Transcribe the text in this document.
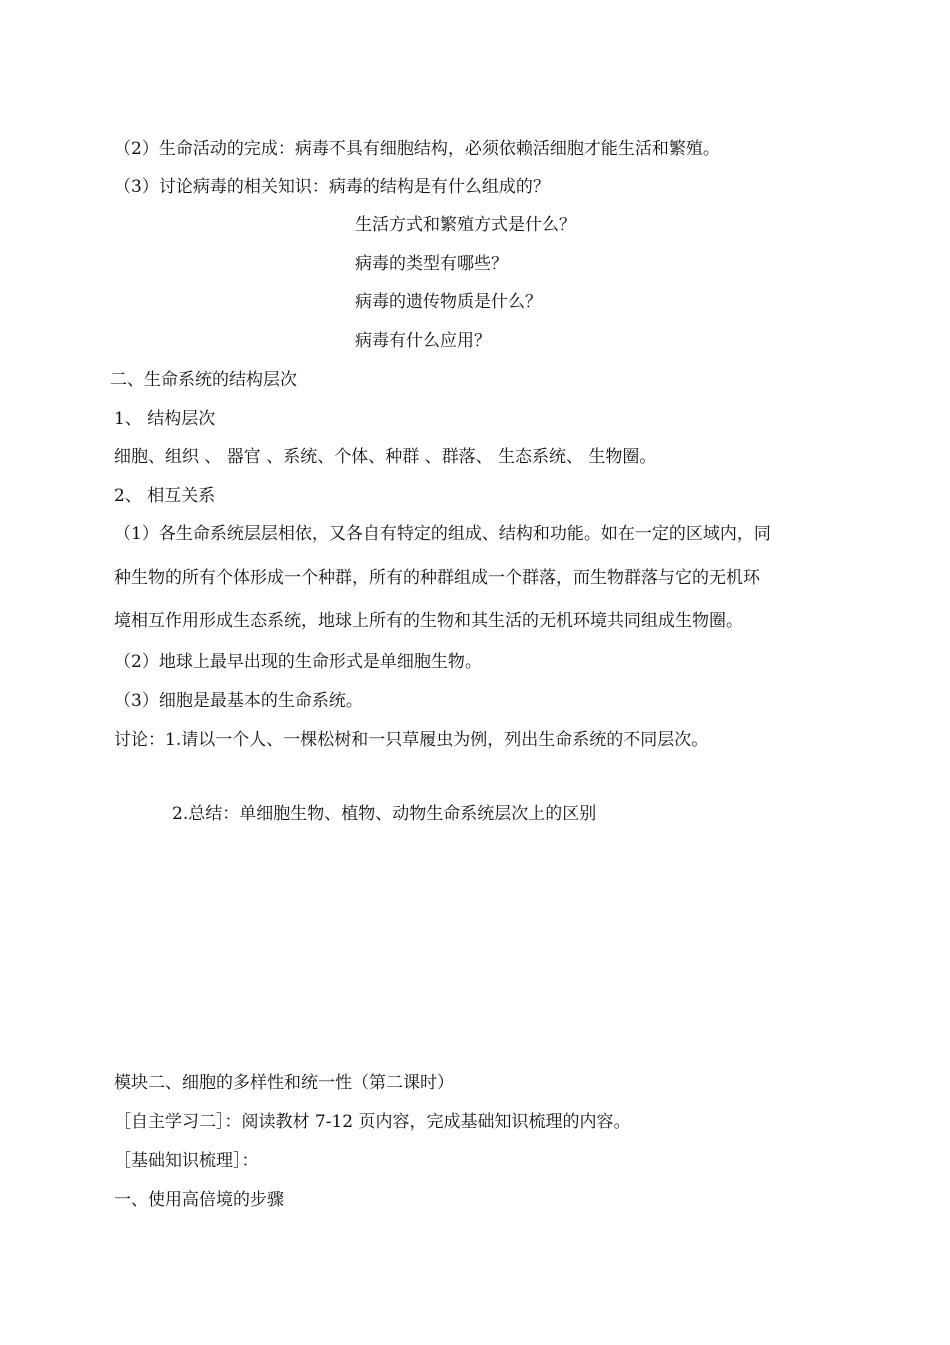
（2）生命活动的完成：病毒不具有细胞结构，必须依赖活细胞才能生活和繁殖。
（3）讨论病毒的相关知识：病毒的结构是有什么组成的？
生活方式和繁殖方式是什么？
病毒的类型有哪些？
病毒的遗传物质是什么？
病毒有什么应用？
二、生命系统的结构层次
1、 结构层次
细胞、组织 、 器官 、系统、个体、种群 、群落、 生态系统、 生物圈。
2、 相互关系
（1）各生命系统层层相依，又各自有特定的组成、结构和功能。如在一定的区域内，同
种生物的所有个体形成一个种群，所有的种群组成一个群落，而生物群落与它的无机环
境相互作用形成生态系统，地球上所有的生物和其生活的无机环境共同组成生物圈。
（2）地球上最早出现的生命形式是单细胞生物。
（3）细胞是最基本的生命系统。
讨论：1.请以一个人、一棵松树和一只草履虫为例，列出生命系统的不同层次。
2.总结：单细胞生物、植物、动物生命系统层次上的区别
模块二、细胞的多样性和统一性（第二课时）
［自主学习二］：阅读教材 7-12 页内容，完成基础知识梳理的内容。
［基础知识梳理］：
一、使用高倍境的步骤
